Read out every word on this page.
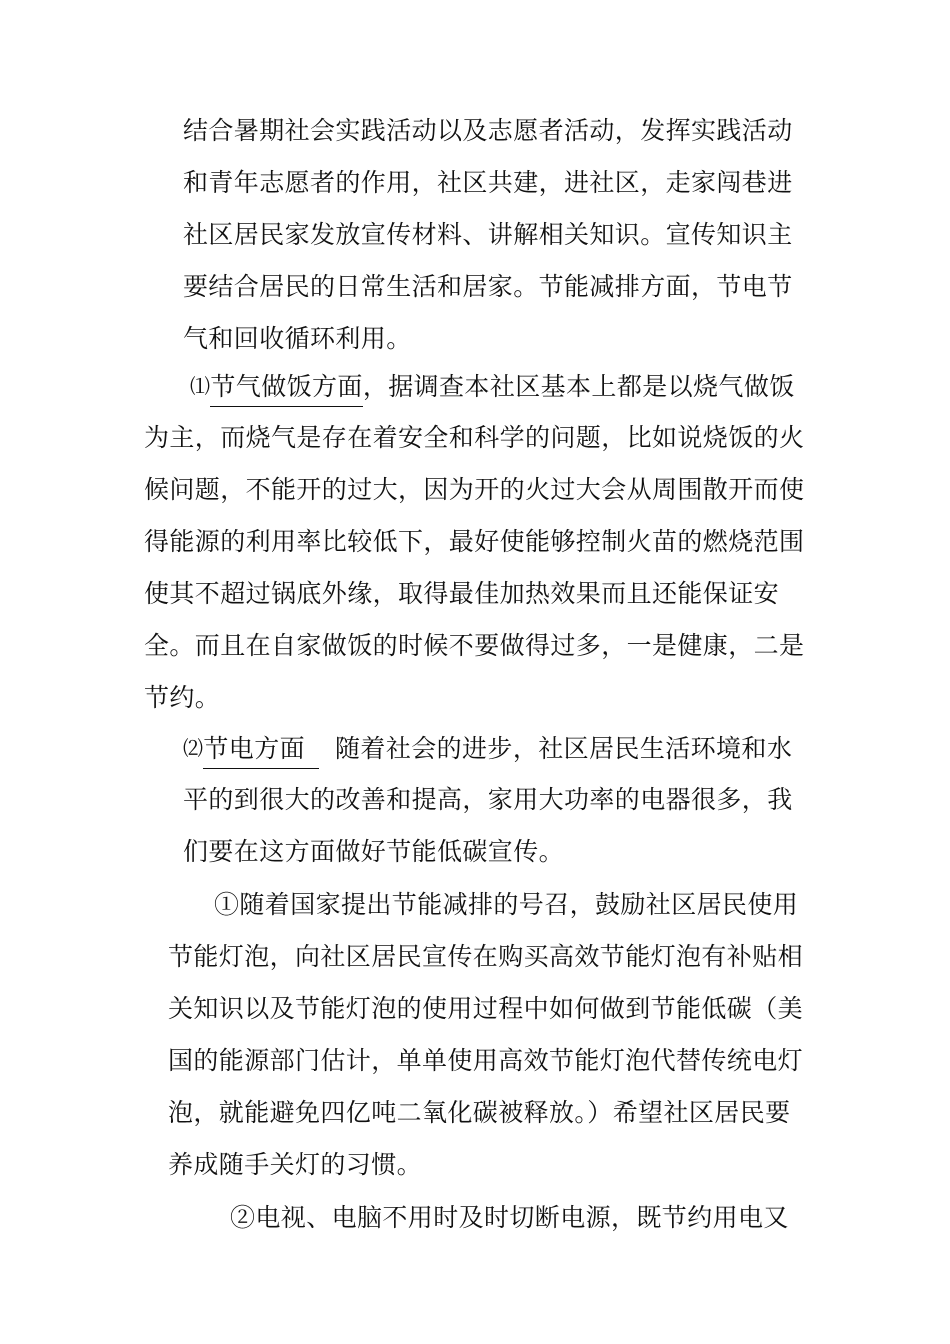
结合暑期社会实践活动以及志愿者活动，发挥实践活动
和青年志愿者的作用，社区共建，进社区，走家闯巷进
社区居民家发放宣传材料、讲解相关知识。宣传知识主
要结合居民的日常生活和居家。节能减排方面，节电节
气和回收循环利用。
⑴节气做饭方面，据调查本社区基本上都是以烧气做饭
为主，而烧气是存在着安全和科学的问题，比如说烧饭的火
候问题，不能开的过大，因为开的火过大会从周围散开而使
得能源的利用率比较低下，最好使能够控制火苗的燃烧范围
使其不超过锅底外缘，取得最佳加热效果而且还能保证安
全。而且在自家做饭的时候不要做得过多，一是健康，二是
节约。
⑵节电方面 随着社会的进步，社区居民生活环境和水
平的到很大的改善和提高，家用大功率的电器很多，我
们要在这方面做好节能低碳宣传。
①随着国家提出节能减排的号召，鼓励社区居民使用
节能灯泡，向社区居民宣传在购买高效节能灯泡有补贴相
关知识以及节能灯泡的使用过程中如何做到节能低碳（美
国的能源部门估计，单单使用高效节能灯泡代替传统电灯
泡，就能避免四亿吨二氧化碳被释放。）希望社区居民要
养成随手关灯的习惯。
②电视、电脑不用时及时切断电源，既节约用电又
